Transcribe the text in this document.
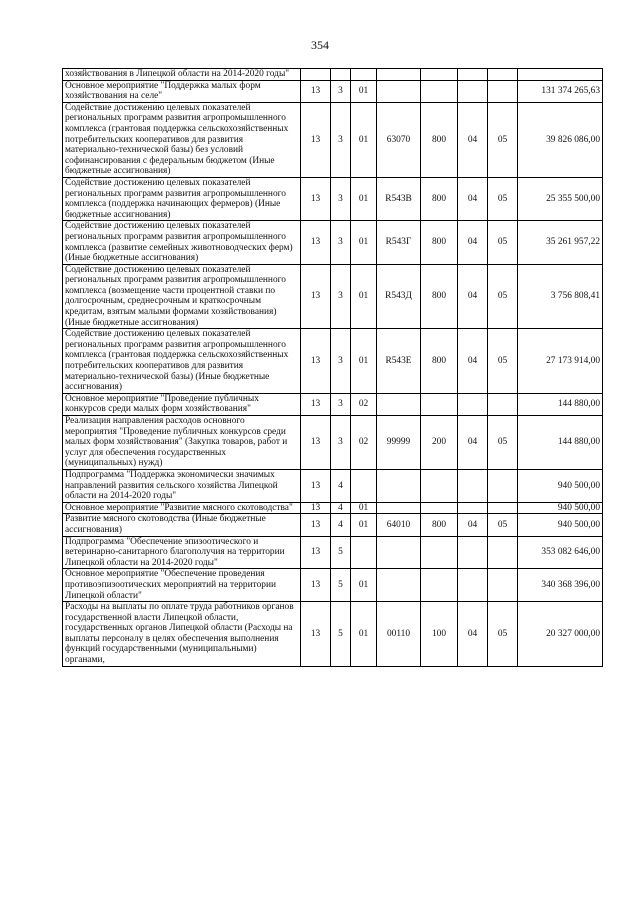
354
хозяйствования в Липецкой области на 2014-2020 годы"								
Основное мероприятие "Поддержка малых форм хозяйствования на селе"	13	3	01					131 374 265,63
Содействие достижению целевых показателей региональных программ развития агропромышленного комплекса (грантовая поддержка сельскохозяйственных потребительских кооперативов для развития материально-технической базы) без условий софинансирования с федеральным бюджетом (Иные бюджетные ассигнования)	13	3	01	63070	800	04	05	39 826 086,00
Содействие достижению целевых показателей региональных программ развития агропромышленного комплекса (поддержка начинающих фермеров) (Иные бюджетные ассигнования)	13	3	01	R543B	800	04	05	25 355 500,00
Содействие достижению целевых показателей региональных программ развития агропромышленного комплекса (развитие семейных животноводческих ферм) (Иные бюджетные ассигнования)	13	3	01	R543Г	800	04	05	35 261 957,22
Содействие достижению целевых показателей региональных программ развития агропромышленного комплекса (возмещение части процентной ставки по долгосрочным, среднесрочным и краткосрочным кредитам, взятым малыми формами хозяйствования) (Иные бюджетные ассигнования)	13	3	01	R543Д	800	04	05	3 756 808,41
Содействие достижению целевых показателей региональных программ развития агропромышленного комплекса (грантовая поддержка сельскохозяйственных потребительских кооперативов для развития материально-технической базы) (Иные бюджетные ассигнования)	13	3	01	R543E	800	04	05	27 173 914,00
Основное мероприятие "Проведение публичных конкурсов среди малых форм хозяйствования"	13	3	02					144 880,00
Реализация направления расходов основного мероприятия "Проведение публичных конкурсов среди малых форм хозяйствования" (Закупка товаров, работ и услуг для обеспечения государственных (муниципальных) нужд)	13	3	02	99999	200	04	05	144 880,00
Подпрограмма "Поддержка экономически значимых направлений развития сельского хозяйства Липецкой области на 2014-2020 годы"	13	4						940 500,00
Основное мероприятие "Развитие мясного скотоводства"	13	4	01					940 500,00
Развитие мясного скотоводства (Иные бюджетные ассигнования)	13	4	01	64010	800	04	05	940 500,00
Подпрограмма "Обеспечение эпизоотического и ветеринарно-санитарного благополучия на территории Липецкой области на 2014-2020 годы"	13	5						353 082 646,00
Основное мероприятие "Обеспечение проведения противоэпизоотических мероприятий на территории Липецкой области"	13	5	01					340 368 396,00
Расходы на выплаты по оплате труда работников органов государственной власти Липецкой области, государственных органов Липецкой области (Расходы на выплаты персоналу в целях обеспечения выполнения функций государственными (муниципальными) органами,	13	5	01	00110	100	04	05	20 327 000,00
